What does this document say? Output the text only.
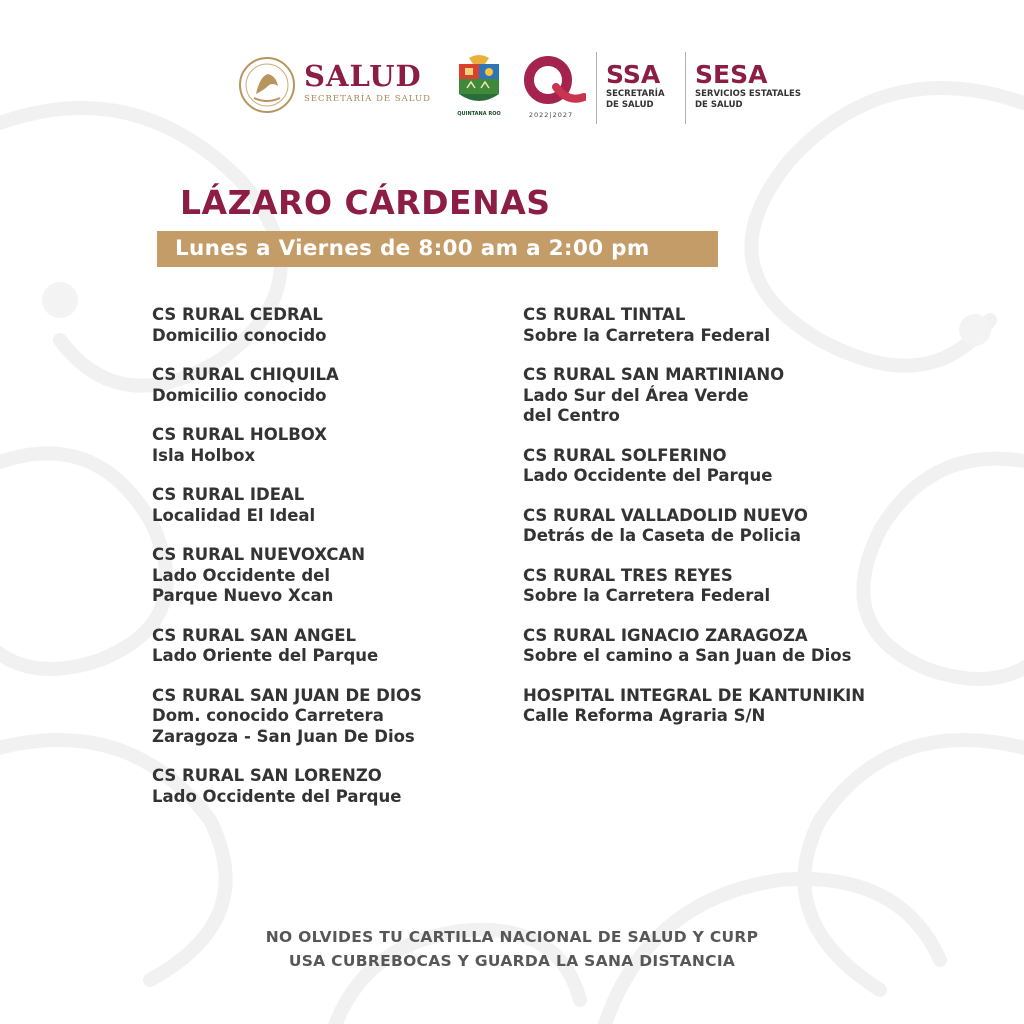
SALUD
SECRETARÍA DE SALUD
QUINTANA ROO	2022|2027
SSA
SECRETARÍA
DE SALUD
SESA
SERVICIOS ESTATALES
DE SALUD
LÁZARO CÁRDENAS
Lunes a Viernes de 8:00 am a 2:00 pm
CS RURAL CEDRAL
Domicilio conocido
CS RURAL CHIQUILA
Domicilio conocido
CS RURAL HOLBOX
Isla Holbox
CS RURAL IDEAL
Localidad El Ideal
CS RURAL NUEVOXCAN
Lado Occidente del
Parque Nuevo Xcan
CS RURAL SAN ANGEL
Lado Oriente del Parque
CS RURAL SAN JUAN DE DIOS
Dom. conocido Carretera
Zaragoza - San Juan De Dios
CS RURAL SAN LORENZO
Lado Occidente del Parque
CS RURAL TINTAL
Sobre la Carretera Federal
CS RURAL SAN MARTINIANO
Lado Sur del Área Verde
del Centro
CS RURAL SOLFERINO
Lado Occidente del Parque
CS RURAL VALLADOLID NUEVO
Detrás de la Caseta de Policia
CS RURAL TRES REYES
Sobre la Carretera Federal
CS RURAL IGNACIO ZARAGOZA
Sobre el camino a San Juan de Dios
HOSPITAL INTEGRAL DE KANTUNIKIN
Calle Reforma Agraria S/N
NO OLVIDES TU CARTILLA NACIONAL DE SALUD Y CURP
USA CUBREBOCAS Y GUARDA LA SANA DISTANCIA
